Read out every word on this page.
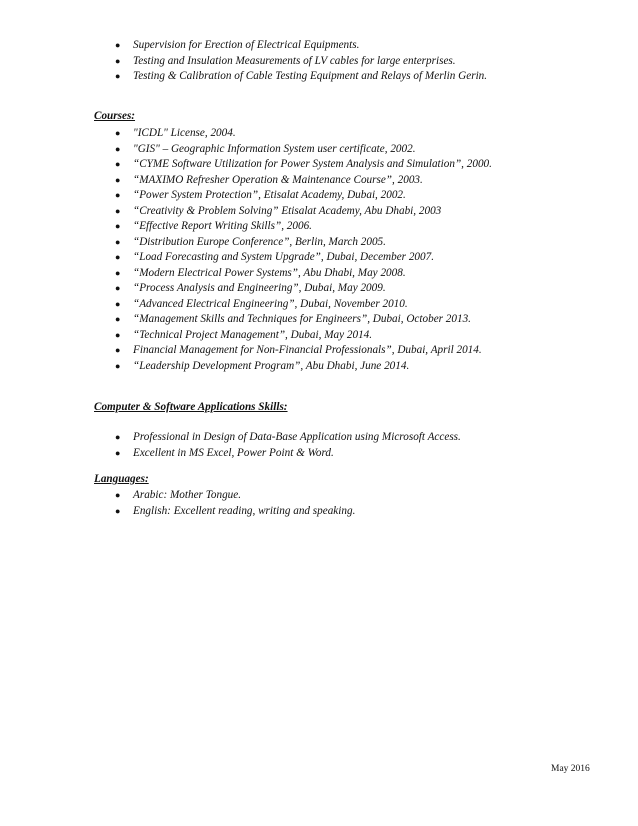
● Supervision for Erection of Electrical Equipments.
● Testing and Insulation Measurements of LV cables for large enterprises.
● Testing & Calibration of Cable Testing Equipment and Relays of Merlin Gerin.
Courses:
● "ICDL" License, 2004.
● "GIS" – Geographic Information System user certificate, 2002.
● “CYME Software Utilization for Power System Analysis and Simulation”, 2000.
● “MAXIMO Refresher Operation & Maintenance Course”, 2003.
● “Power System Protection”, Etisalat Academy, Dubai, 2002.
● “Creativity & Problem Solving” Etisalat Academy, Abu Dhabi, 2003
● “Effective Report Writing Skills”, 2006.
● “Distribution Europe Conference”, Berlin, March 2005.
● “Load Forecasting and System Upgrade”, Dubai, December 2007.
● “Modern Electrical Power Systems”, Abu Dhabi, May 2008.
● “Process Analysis and Engineering”, Dubai, May 2009.
● “Advanced Electrical Engineering”, Dubai, November 2010.
● “Management Skills and Techniques for Engineers”, Dubai, October 2013.
● “Technical Project Management”, Dubai, May 2014.
● Financial Management for Non-Financial Professionals”, Dubai, April 2014.
● “Leadership Development Program”, Abu Dhabi, June 2014.
Computer & Software Applications Skills:
● Professional in Design of Data-Base Application using Microsoft Access.
● Excellent in MS Excel, Power Point & Word.
Languages:
● Arabic: Mother Tongue.
● English: Excellent reading, writing and speaking.
May 2016
